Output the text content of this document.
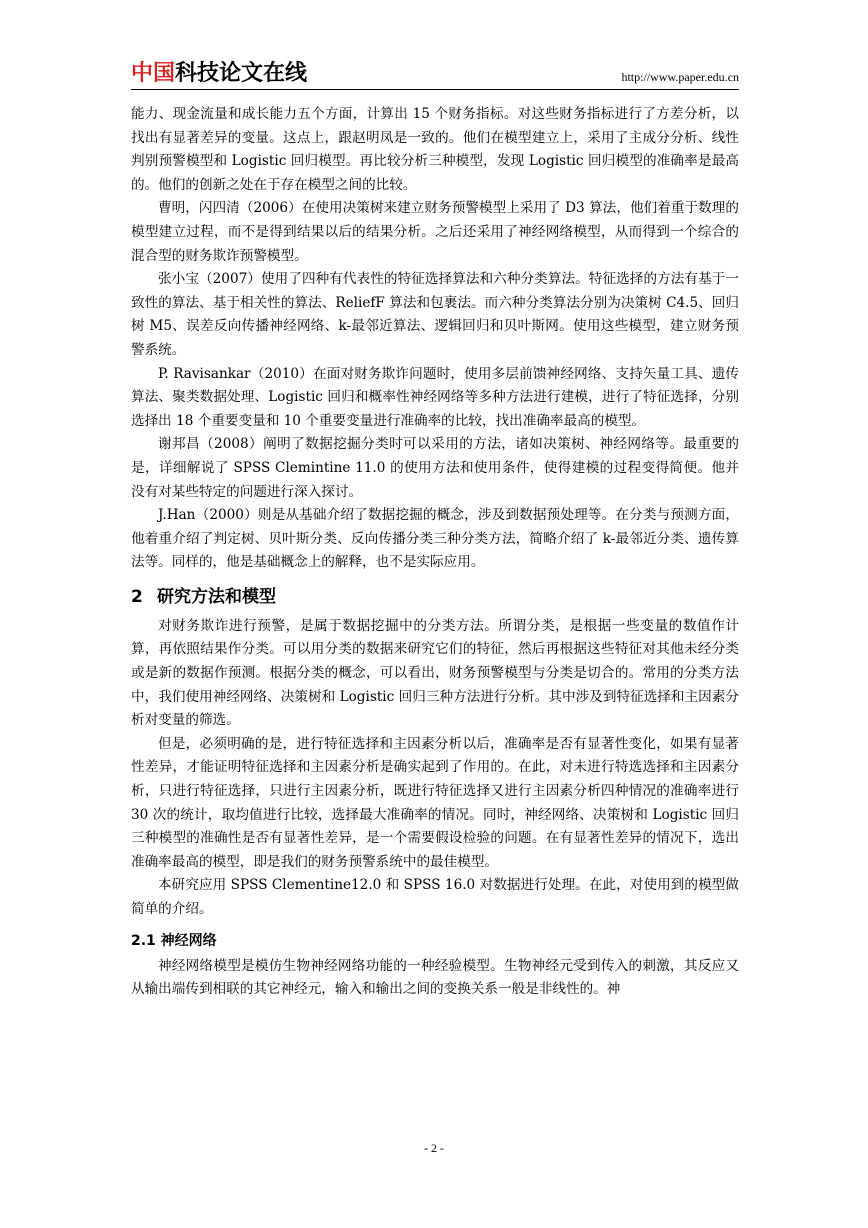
中国科技论文在线	http://www.paper.edu.cn

能力、现金流量和成长能力五个方面，计算出 15 个财务指标。对这些财务指标进行了方差分析，以找出有显著差异的变量。这点上，跟赵明凤是一致的。他们在模型建立上，采用了主成分分析、线性判别预警模型和 Logistic 回归模型。再比较分析三种模型，发现 Logistic 回归模型的准确率是最高的。他们的创新之处在于存在模型之间的比较。

曹明，闪四清（2006）在使用决策树来建立财务预警模型上采用了 D3 算法，他们着重于数理的模型建立过程，而不是得到结果以后的结果分析。之后还采用了神经网络模型，从而得到一个综合的混合型的财务欺诈预警模型。

张小宝（2007）使用了四种有代表性的特征选择算法和六种分类算法。特征选择的方法有基于一致性的算法、基于相关性的算法、ReliefF 算法和包裹法。而六种分类算法分别为决策树 C4.5、回归树 M5、误差反向传播神经网络、k-最邻近算法、逻辑回归和贝叶斯网。使用这些模型，建立财务预警系统。

P. Ravisankar（2010）在面对财务欺诈问题时，使用多层前馈神经网络、支持矢量工具、遗传算法、聚类数据处理、Logistic 回归和概率性神经网络等多种方法进行建模，进行了特征选择，分别选择出 18 个重要变量和 10 个重要变量进行准确率的比较，找出准确率最高的模型。

谢邦昌（2008）阐明了数据挖掘分类时可以采用的方法，诸如决策树、神经网络等。最重要的是，详细解说了 SPSS Clemintine 11.0 的使用方法和使用条件，使得建模的过程变得简便。他并没有对某些特定的问题进行深入探讨。

J.Han（2000）则是从基础介绍了数据挖掘的概念，涉及到数据预处理等。在分类与预测方面，他着重介绍了判定树、贝叶斯分类、反向传播分类三种分类方法，简略介绍了 k-最邻近分类、遗传算法等。同样的，他是基础概念上的解释，也不是实际应用。

2 研究方法和模型

对财务欺诈进行预警，是属于数据挖掘中的分类方法。所谓分类，是根据一些变量的数值作计算，再依照结果作分类。可以用分类的数据来研究它们的特征，然后再根据这些特征对其他未经分类或是新的数据作预测。根据分类的概念，可以看出，财务预警模型与分类是切合的。常用的分类方法中，我们使用神经网络、决策树和 Logistic 回归三种方法进行分析。其中涉及到特征选择和主因素分析对变量的筛选。

但是，必须明确的是，进行特征选择和主因素分析以后，准确率是否有显著性变化，如果有显著性差异，才能证明特征选择和主因素分析是确实起到了作用的。在此，对未进行特选选择和主因素分析，只进行特征选择，只进行主因素分析，既进行特征选择又进行主因素分析四种情况的准确率进行 30 次的统计，取均值进行比较，选择最大准确率的情况。同时，神经网络、决策树和 Logistic 回归三种模型的准确性是否有显著性差异，是一个需要假设检验的问题。在有显著性差异的情况下，选出准确率最高的模型，即是我们的财务预警系统中的最佳模型。

本研究应用 SPSS Clementine12.0 和 SPSS 16.0 对数据进行处理。在此，对使用到的模型做简单的介绍。

2.1 神经网络

神经网络模型是模仿生物神经网络功能的一种经验模型。生物神经元受到传入的刺激，其反应又从输出端传到相联的其它神经元，输入和输出之间的变换关系一般是非线性的。神

- 2 -
